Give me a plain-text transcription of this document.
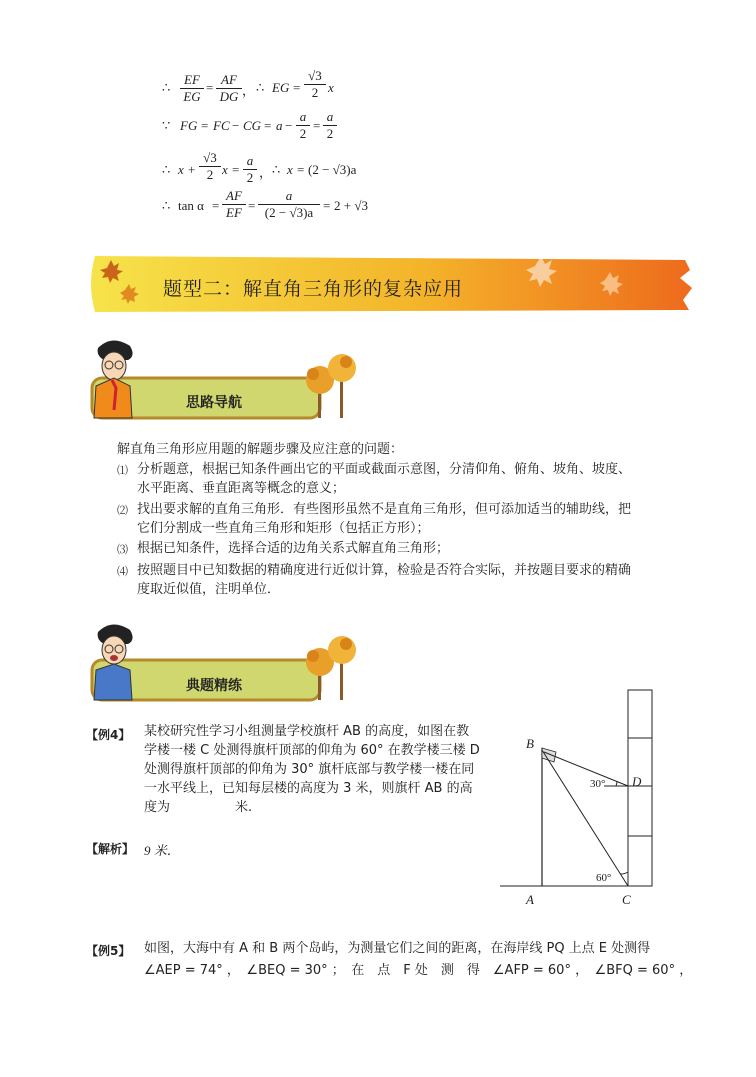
∴
EF
EG
=
AF
DG ， ∴ EG =
√3
2 x
∵ FG = FC − CG = a −
a
2
=
a
2
∴ x +
√3
2 x =
a
2 ， ∴ x = (2 − √3)a
∴ tan α =
AF
EF =
a
(2 − √3)a = 2 + √3
题型二：解直角三角形的复杂应用
思路导航
解直角三角形应用题的解题步骤及应注意的问题：
⑴ 分析题意，根据已知条件画出它的平面或截面示意图，分清仰角、俯角、坡角、坡度、
水平距离、垂直距离等概念的意义；
⑵ 找出要求解的直角三角形．有些图形虽然不是直角三角形，但可添加适当的辅助线，把
它们分割成一些直角三角形和矩形（包括正方形）；
⑶ 根据已知条件，选择合适的边角关系式解直角三角形；
⑷ 按照题目中已知数据的精确度进行近似计算，检验是否符合实际，并按题目要求的精确
度取近似值，注明单位．
典题精练
【例4】 某校研究性学习小组测量学校旗杆 AB 的高度，如图在教
学楼一楼 C 处测得旗杆顶部的仰角为 60° 在教学楼三楼 D
处测得旗杆顶部的仰角为 30° 旗杆底部与教学楼一楼在同
一水平线上，已知每层楼的高度为 3 米，则旗杆 AB 的高
度为　　　　　米.
【解析】 9 米．
B
D
A	C
30°
60°
【例5】 如图，大海中有 A 和 B 两个岛屿，为测量它们之间的距离，在海岸线 PQ 上点 E 处测得
∠AEP = 74° ，　∠BEQ = 30° ；　在　点　F 处　测　得　∠AFP = 60° ，　∠BFQ = 60° ，
